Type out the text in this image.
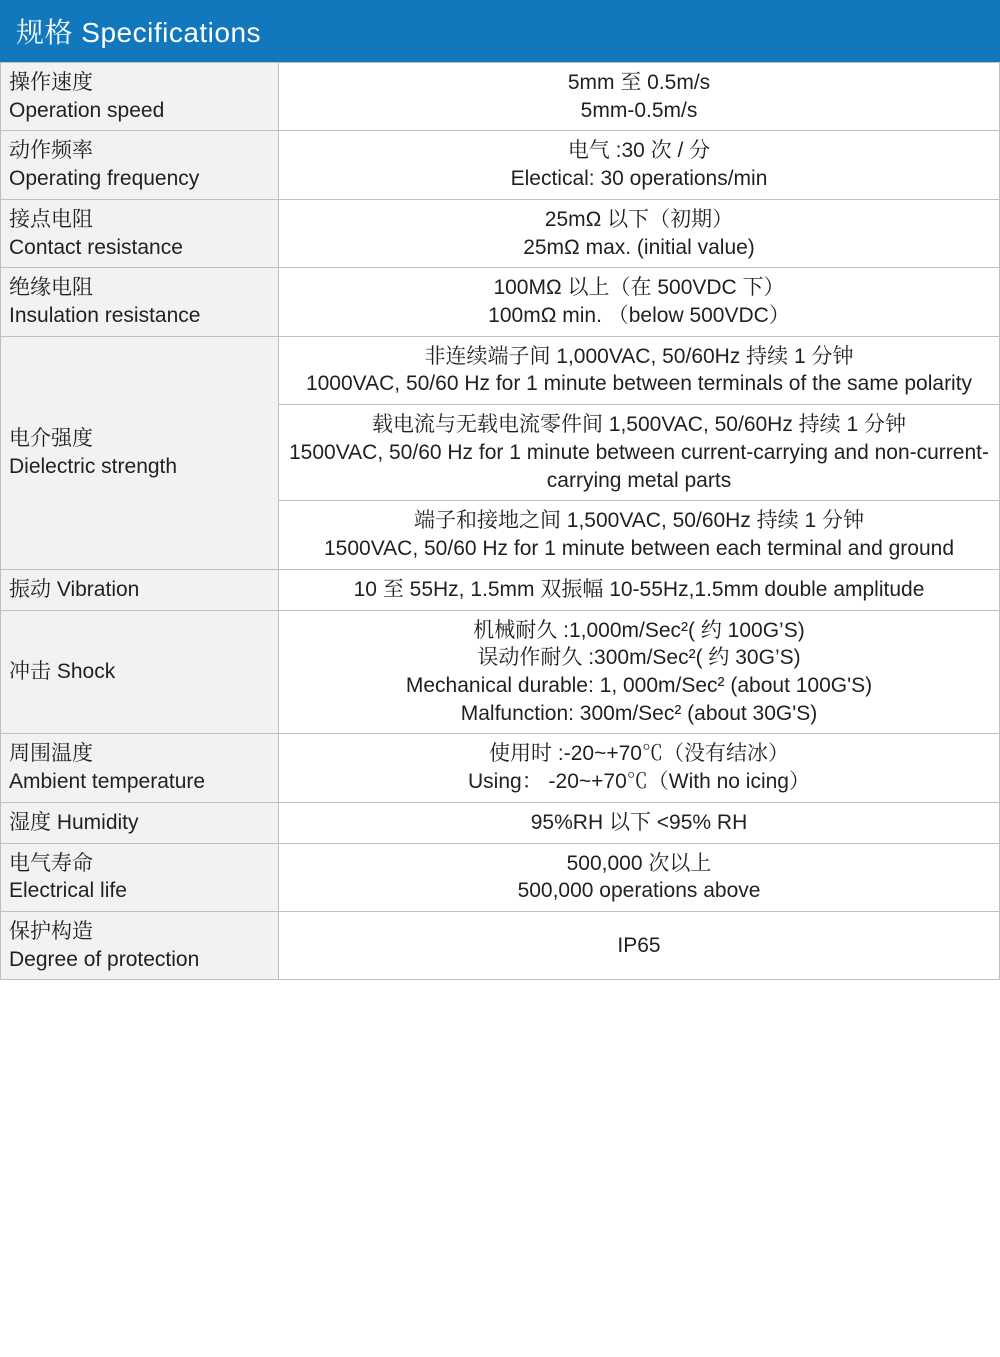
规格 Specifications
操作速度
Operation speed	5mm 至 0.5m/s
5mm-0.5m/s

动作频率
Operating frequency	电气 :30 次 / 分
Electical: 30 operations/min

接点电阻
Contact resistance	25mΩ 以下（初期）
25mΩ max. (initial value)

绝缘电阻
Insulation resistance	100MΩ 以上（在 500VDC 下）
100mΩ min. （below 500VDC）

电介强度
Dielectric strength	非连续端子间 1,000VAC, 50/60Hz 持续 1 分钟
1000VAC, 50/60 Hz for 1 minute between terminals of the same polarity

	载电流与无载电流零件间 1,500VAC, 50/60Hz 持续 1 分钟
1500VAC, 50/60 Hz for 1 minute between current-carrying and non-current-carrying metal parts

	端子和接地之间 1,500VAC, 50/60Hz 持续 1 分钟
1500VAC, 50/60 Hz for 1 minute between each terminal and ground

振动 Vibration	10 至 55Hz, 1.5mm 双振幅 10-55Hz,1.5mm double amplitude

冲击 Shock	机械耐久 :1,000m/Sec²( 约 100G’S)
误动作耐久 :300m/Sec²( 约 30G’S)
Mechanical durable: 1, 000m/Sec² (about 100G'S)
Malfunction: 300m/Sec² (about 30G'S)

周围温度
Ambient temperature	使用时 :-20~+70℃（没有结冰）
Using： -20~+70℃（With no icing）

湿度 Humidity	95%RH 以下 <95% RH

电气寿命
Electrical life	500,000 次以上
500,000 operations above

保护构造
Degree of protection	IP65
